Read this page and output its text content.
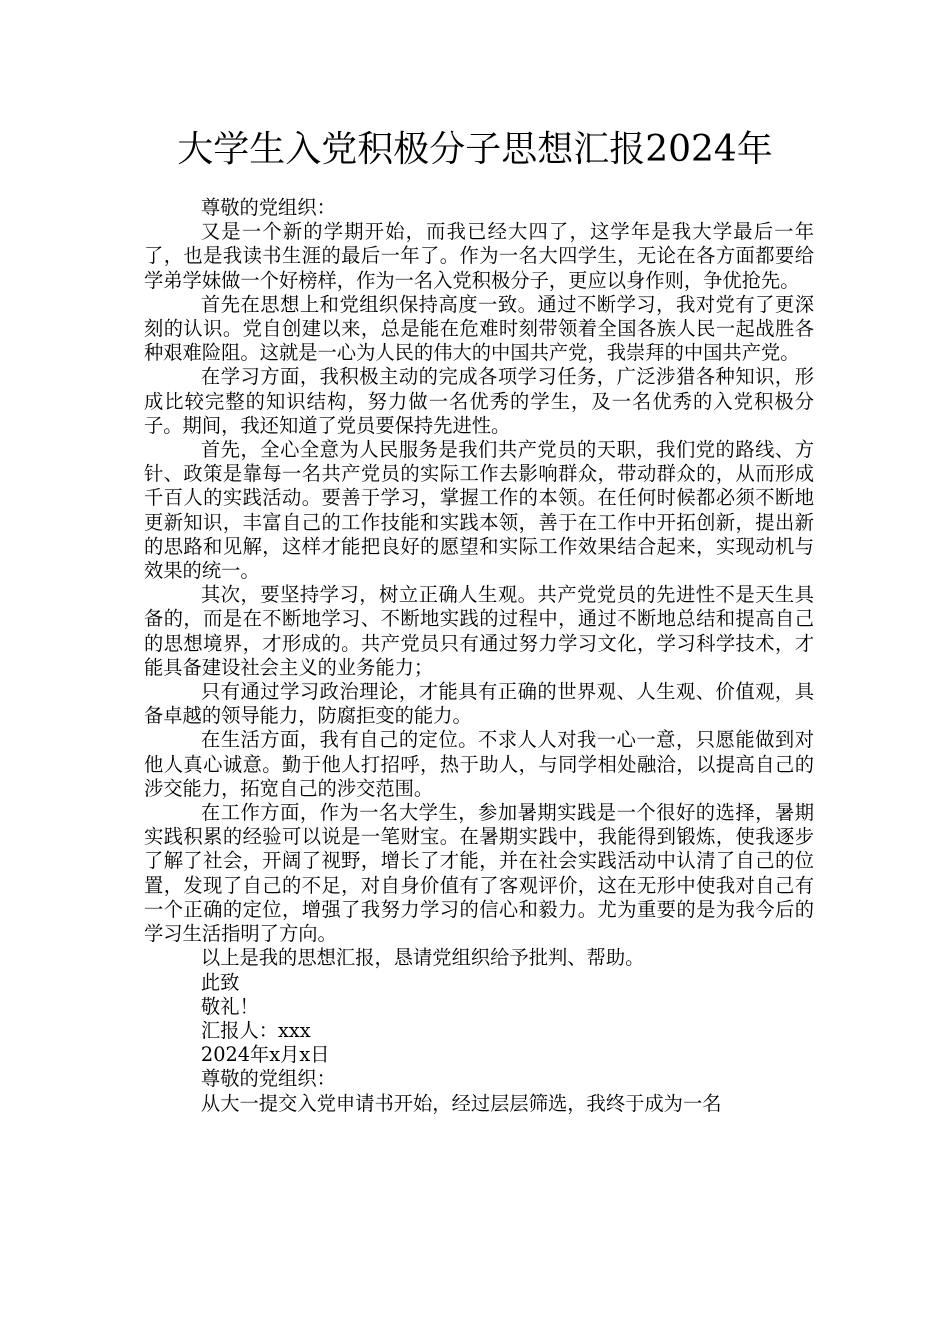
大学生入党积极分子思想汇报2024年

尊敬的党组织：

又是一个新的学期开始，而我已经大四了，这学年是我大学最后一年了，也是我读书生涯的最后一年了。作为一名大四学生，无论在各方面都要给学弟学妹做一个好榜样，作为一名入党积极分子，更应以身作则，争优抢先。

首先在思想上和党组织保持高度一致。通过不断学习，我对党有了更深刻的认识。党自创建以来，总是能在危难时刻带领着全国各族人民一起战胜各种艰难险阻。这就是一心为人民的伟大的中国共产党，我崇拜的中国共产党。

在学习方面，我积极主动的完成各项学习任务，广泛涉猎各种知识，形成比较完整的知识结构，努力做一名优秀的学生，及一名优秀的入党积极分子。期间，我还知道了党员要保持先进性。

首先，全心全意为人民服务是我们共产党员的天职，我们党的路线、方针、政策是靠每一名共产党员的实际工作去影响群众，带动群众的，从而形成千百人的实践活动。要善于学习，掌握工作的本领。在任何时候都必须不断地更新知识，丰富自己的工作技能和实践本领，善于在工作中开拓创新，提出新的思路和见解，这样才能把良好的愿望和实际工作效果结合起来，实现动机与效果的统一。

其次，要坚持学习，树立正确人生观。共产党党员的先进性不是天生具备的，而是在不断地学习、不断地实践的过程中，通过不断地总结和提高自己的思想境界，才形成的。共产党员只有通过努力学习文化，学习科学技术，才能具备建设社会主义的业务能力；

只有通过学习政治理论，才能具有正确的世界观、人生观、价值观，具备卓越的领导能力，防腐拒变的能力。

在生活方面，我有自己的定位。不求人人对我一心一意，只愿能做到对他人真心诚意。勤于他人打招呼，热于助人，与同学相处融洽，以提高自己的涉交能力，拓宽自己的涉交范围。

在工作方面，作为一名大学生，参加暑期实践是一个很好的选择，暑期实践积累的经验可以说是一笔财宝。在暑期实践中，我能得到锻炼，使我逐步了解了社会，开阔了视野，增长了才能，并在社会实践活动中认清了自己的位置，发现了自己的不足，对自身价值有了客观评价，这在无形中使我对自己有一个正确的定位，增强了我努力学习的信心和毅力。尤为重要的是为我今后的学习生活指明了方向。

以上是我的思想汇报，恳请党组织给予批判、帮助。

此致

敬礼！

汇报人：xxx

2024年x月x日

尊敬的党组织：

从大一提交入党申请书开始，经过层层筛选，我终于成为一名
